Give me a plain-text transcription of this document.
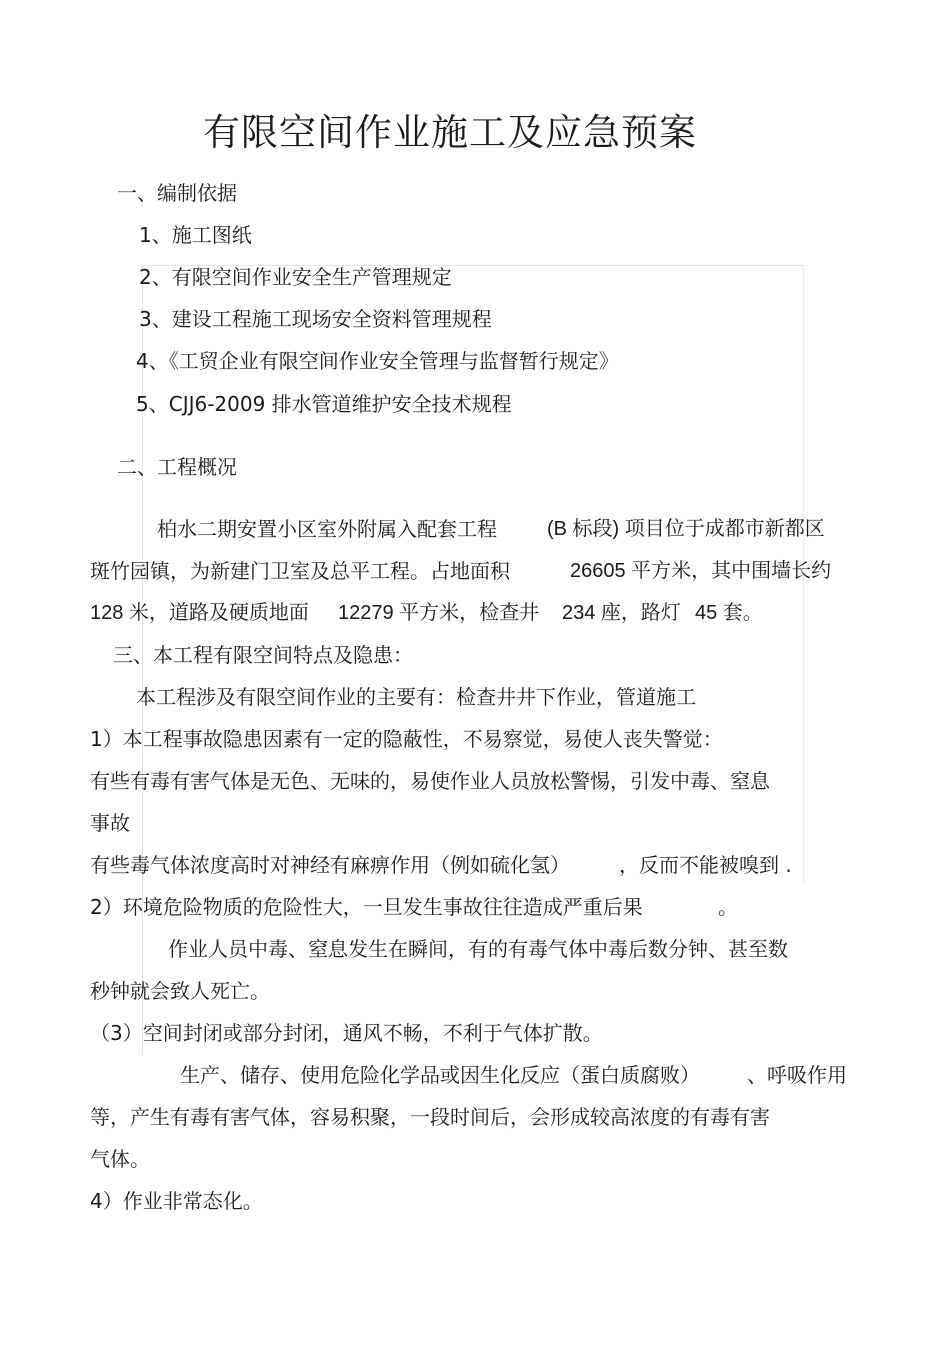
有限空间作业施工及应急预案
一、编制依据
1、施工图纸
2、有限空间作业安全生产管理规定
3、建设工程施工现场安全资料管理规程
4、《工贸企业有限空间作业安全管理与监督暂行规定》
5、CJJ6-2009 排水管道维护安全技术规程
二、工程概况
柏水二期安置小区室外附属入配套工程	(B 标段) 项目位于成都市新都区
斑竹园镇，为新建门卫室及总平工程。占地面积	26605 平方米，其中围墙长约
128 米，道路及硬质地面 12279 平方米，检查井 234 座，路灯 45 套。
三、本工程有限空间特点及隐患：
本工程涉及有限空间作业的主要有：检查井井下作业，管道施工
1）本工程事故隐患因素有一定的隐蔽性，不易察觉，易使人丧失警觉：
有些有毒有害气体是无色、无味的，易使作业人员放松警惕，引发中毒、窒息
事故
有些毒气体浓度高时对神经有麻痹作用（例如硫化氢） ，反而不能被嗅到 .
2）环境危险物质的危险性大，一旦发生事故往往造成严重后果	。
作业人员中毒、窒息发生在瞬间，有的有毒气体中毒后数分钟、甚至数
秒钟就会致人死亡。
（3）空间封闭或部分封闭，通风不畅，不利于气体扩散。
生产、储存、使用危险化学品或因生化反应（蛋白质腐败） 、呼吸作用
等，产生有毒有害气体，容易积聚，一段时间后，会形成较高浓度的有毒有害
气体。
4）作业非常态化。
